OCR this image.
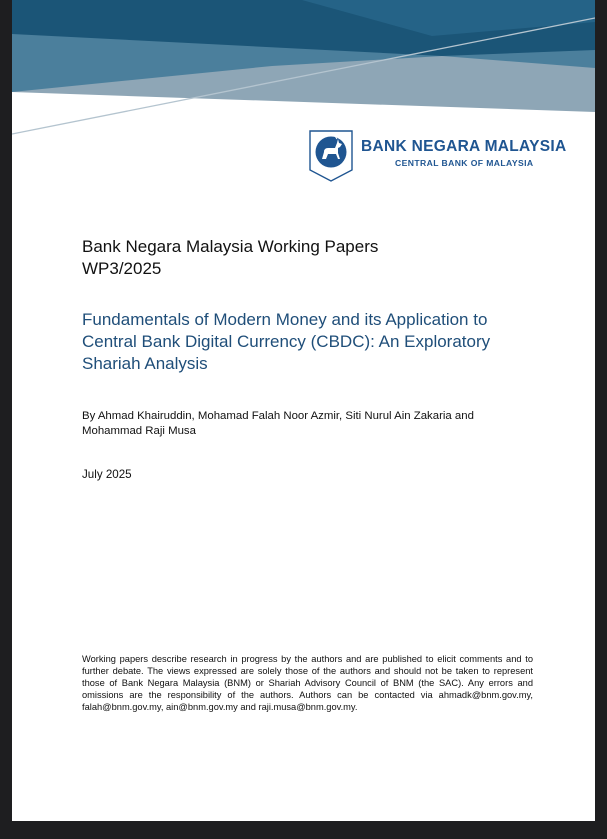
BANK NEGARA MALAYSIA
CENTRAL BANK OF MALAYSIA
Bank Negara Malaysia Working Papers
WP3/2025
Fundamentals of Modern Money and its Application to
Central Bank Digital Currency (CBDC): An Exploratory
Shariah Analysis
By Ahmad Khairuddin, Mohamad Falah Noor Azmir, Siti Nurul Ain Zakaria and
Mohammad Raji Musa
July 2025
Working papers describe research in progress by the authors and are published to elicit comments and to further debate. The views expressed are solely those of the authors and should not be taken to represent those of Bank Negara Malaysia (BNM) or Shariah Advisory Council of BNM (the SAC). Any errors and omissions are the responsibility of the authors. Authors can be contacted via ahmadk@bnm.gov.my, falah@bnm.gov.my, ain@bnm.gov.my and raji.musa@bnm.gov.my.
